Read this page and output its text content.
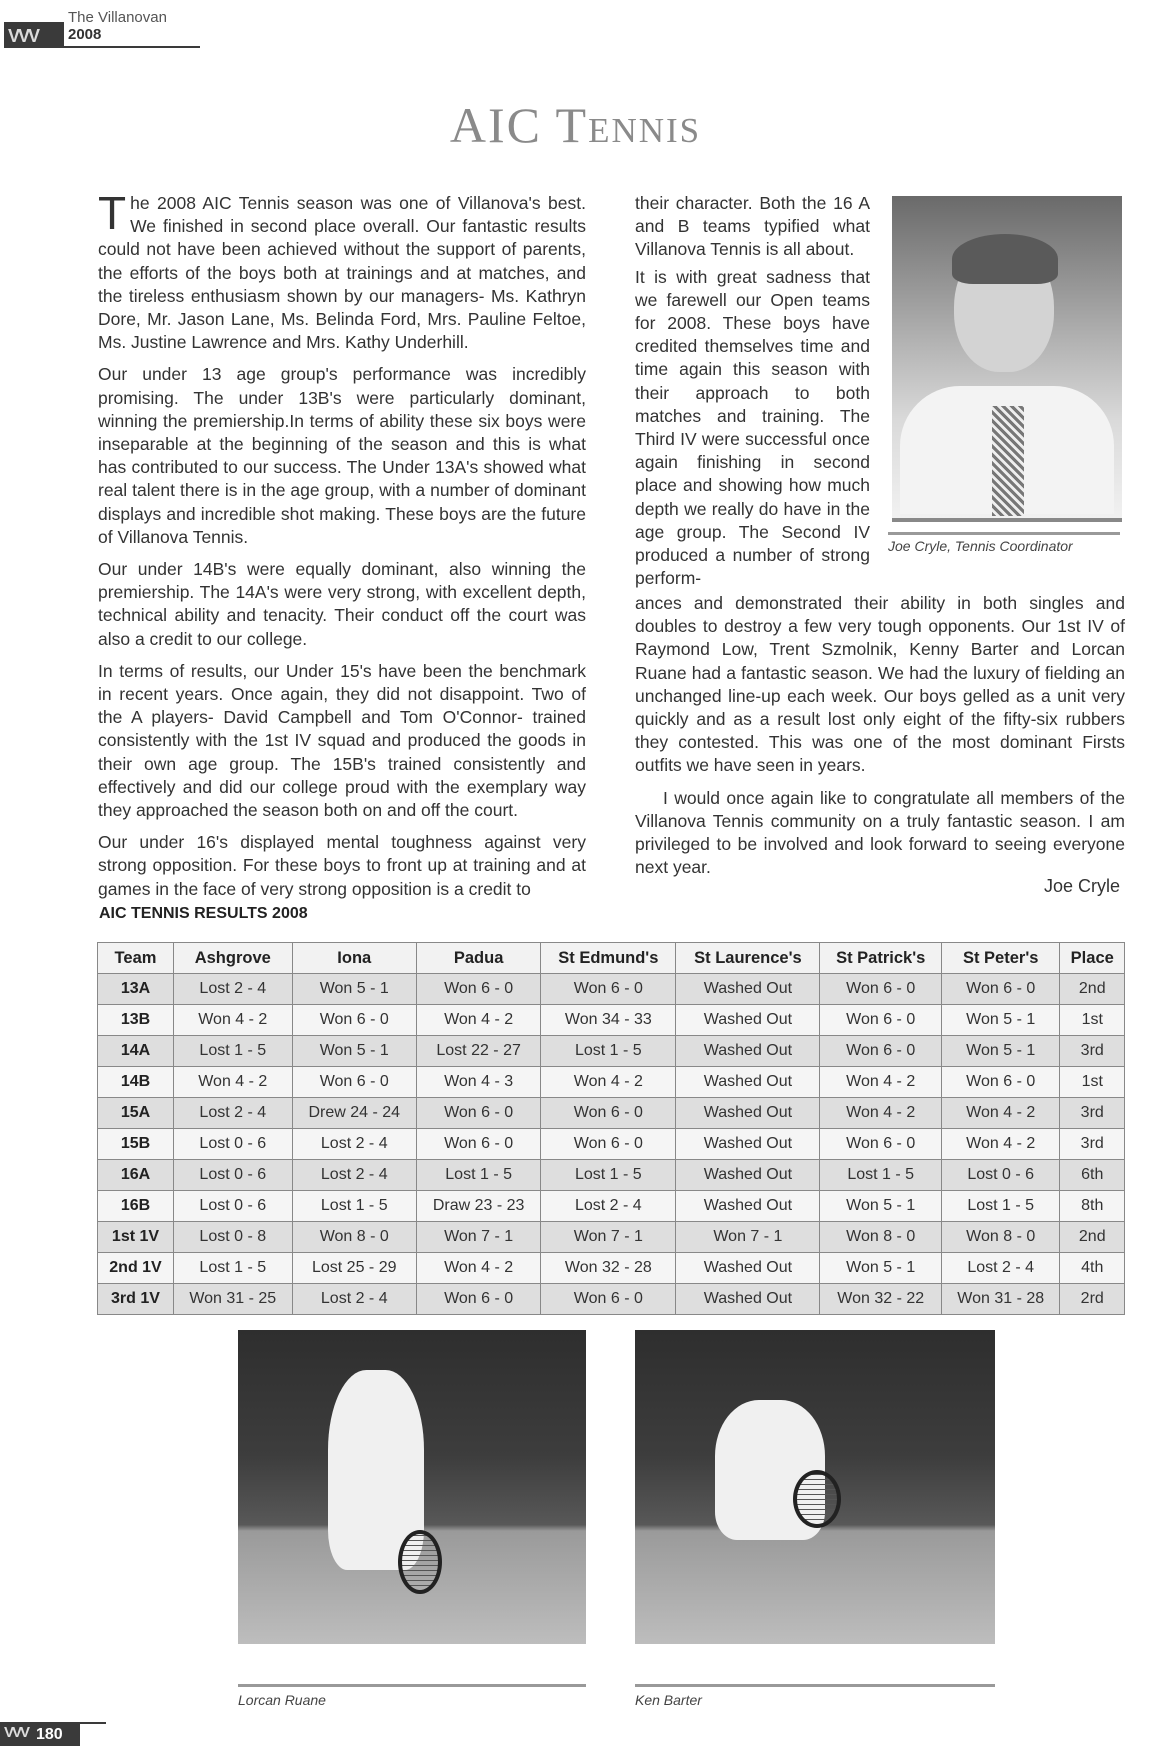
VVV
The Villanovan 2008
AIC Tennis

The 2008 AIC Tennis season was one of Villanova's best. We finished in second place overall. Our fantastic results could not have been achieved without the support of parents, the efforts of the boys both at trainings and at matches, and the tireless enthusiasm shown by our managers- Ms. Kathryn Dore, Mr. Jason Lane, Ms. Belinda Ford, Mrs. Pauline Feltoe, Ms. Justine Lawrence and Mrs. Kathy Underhill.

Our under 13 age group's performance was incredibly promising. The under 13B's were particularly dominant, winning the premiership.In terms of ability these six boys were inseparable at the beginning of the season and this is what has contributed to our success. The Under 13A's showed what real talent there is in the age group, with a number of dominant displays and incredible shot making. These boys are the future of Villanova Tennis.

Our under 14B's were equally dominant, also winning the premiership. The 14A's were very strong, with excellent depth, technical ability and tenacity. Their conduct off the court was also a credit to our college.

In terms of results, our Under 15's have been the benchmark in recent years. Once again, they did not disappoint. Two of the A players- David Campbell and Tom O'Connor- trained consistently with the 1st IV squad and produced the goods in their own age group. The 15B's trained consistently and effectively and did our college proud with the exemplary way they approached the season both on and off the court.

Our under 16's displayed mental toughness against very strong opposition. For these boys to front up at training and at games in the face of very strong opposition is a credit to

their character. Both the 16 A and B teams typified what Villanova Tennis is all about.

It is with great sadness that we farewell our Open teams for 2008. These boys have credited themselves time and time again this season with their approach to both matches and training. The Third IV were successful once again finishing in second place and showing how much depth we really do have in the age group. The Second IV produced a number of strong perform-

Joe Cryle, Tennis Coordinator

ances and demonstrated their ability in both singles and doubles to destroy a few very tough opponents. Our 1st IV of Raymond Low, Trent Szmolnik, Kenny Barter and Lorcan Ruane had a fantastic season. We had the luxury of fielding an unchanged line-up each week. Our boys gelled as a unit very quickly and as a result lost only eight of the fifty-six rubbers they contested. This was one of the most dominant Firsts outfits we have seen in years.

I would once again like to congratulate all members of the Villanova Tennis community on a truly fantastic season. I am privileged to be involved and look forward to seeing everyone next year.

Joe Cryle
AIC TENNIS RESULTS 2008
Team	Ashgrove	Iona	Padua	St Edmund's	St Laurence's	St Patrick's	St Peter's	Place
13A	Lost 2 - 4	Won 5 - 1	Won 6 - 0	Won 6 - 0	Washed Out	Won 6 - 0	Won 6 - 0	2nd
13B	Won 4 - 2	Won 6 - 0	Won 4 - 2	Won 34 - 33	Washed Out	Won 6 - 0	Won 5 - 1	1st
14A	Lost 1 - 5	Won 5 - 1	Lost 22 - 27	Lost 1 - 5	Washed Out	Won 6 - 0	Won 5 - 1	3rd
14B	Won 4 - 2	Won 6 - 0	Won 4 - 3	Won 4 - 2	Washed Out	Won 4 - 2	Won 6 - 0	1st
15A	Lost 2 - 4	Drew 24 - 24	Won 6 - 0	Won 6 - 0	Washed Out	Won 4 - 2	Won 4 - 2	3rd
15B	Lost 0 - 6	Lost 2 - 4	Won 6 - 0	Won 6 - 0	Washed Out	Won 6 - 0	Won 4 - 2	3rd
16A	Lost 0 - 6	Lost 2 - 4	Lost 1 - 5	Lost 1 - 5	Washed Out	Lost 1 - 5	Lost 0 - 6	6th
16B	Lost 0 - 6	Lost 1 - 5	Draw 23 - 23	Lost 2 - 4	Washed Out	Won 5 - 1	Lost 1 - 5	8th
1st 1V	Lost 0 - 8	Won 8 - 0	Won 7 - 1	Won 7 - 1	Won 7 - 1	Won 8 - 0	Won 8 - 0	2nd
2nd 1V	Lost 1 - 5	Lost 25 - 29	Won 4 - 2	Won 32 - 28	Washed Out	Won 5 - 1	Lost 2 - 4	4th
3rd 1V	Won 31 - 25	Lost 2 - 4	Won 6 - 0	Won 6 - 0	Washed Out	Won 32 - 22	Won 31 - 28	2rd
Lorcan Ruane	Ken Barter
VVV 180
